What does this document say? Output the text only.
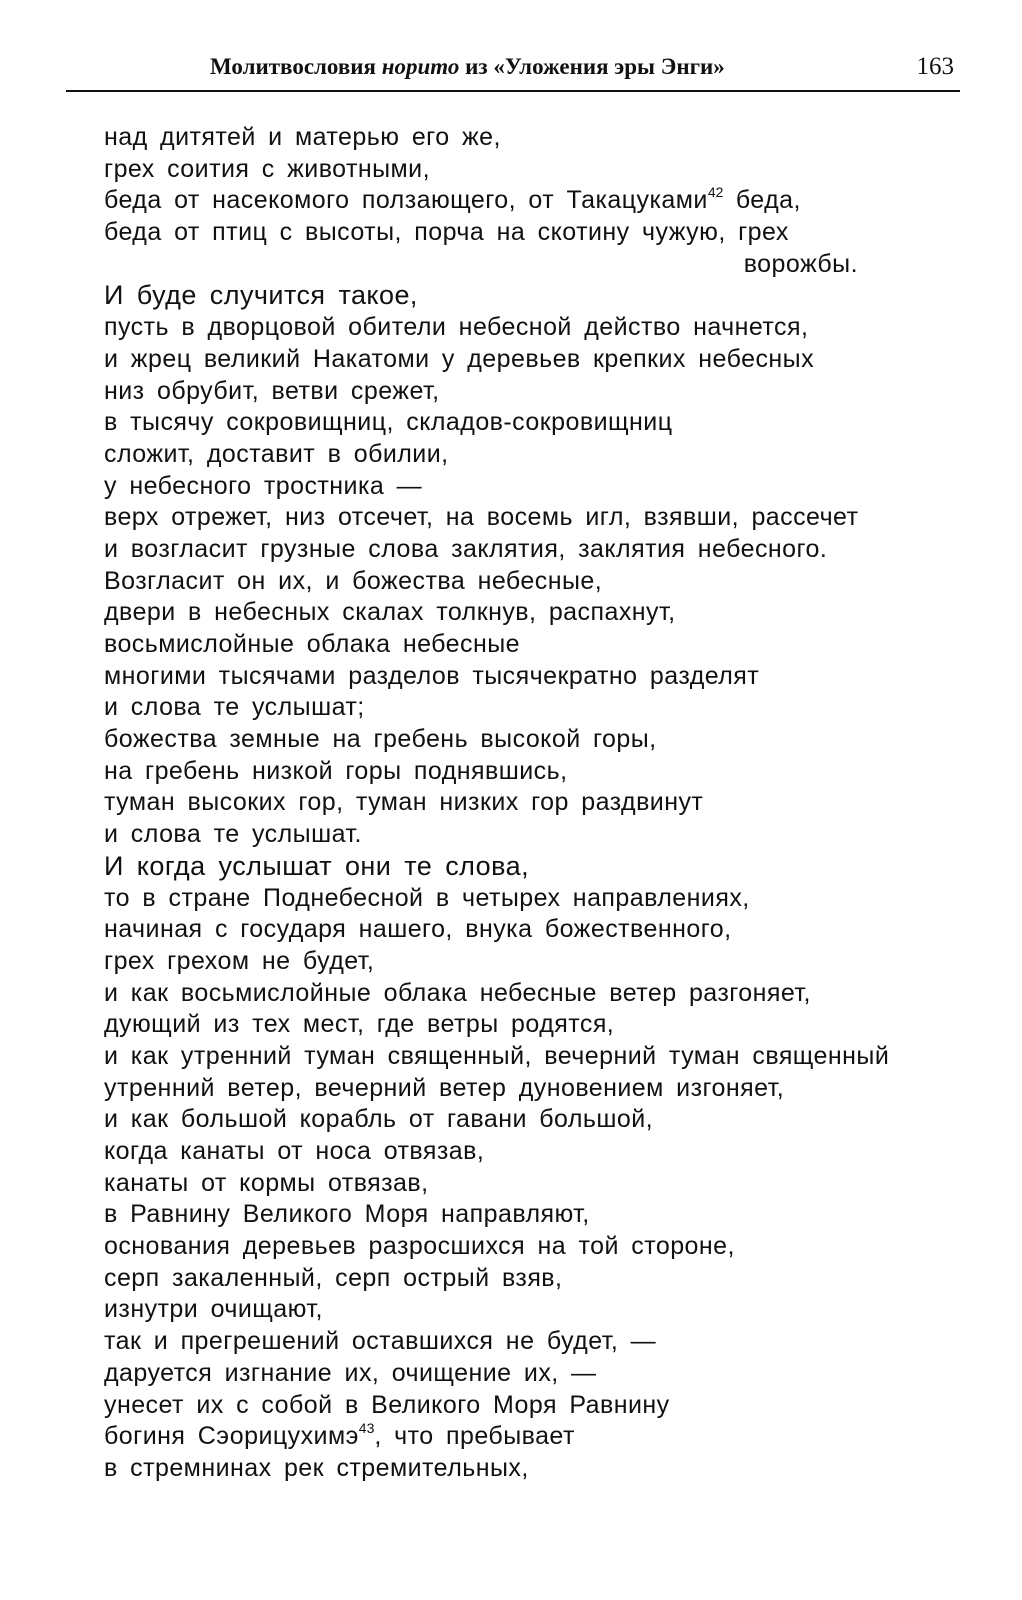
Молитвословия норито из «Уложения эры Энги»	163
над дитятей и матерью его же,
грех соития с животными,
беда от насекомого ползающего, от Такацуками$^{42}$ беда,
беда от птиц с высоты, порча на скотину чужую, грех
ворожбы.
И буде случится такое,
пусть в дворцовой обители небесной действо начнется,
и жрец великий Накатоми у деревьев крепких небесных
низ обрубит, ветви срежет,
в тысячу сокровищниц, складов-сокровищниц
сложит, доставит в обилии,
у небесного тростника —
верх отрежет, низ отсечет, на восемь игл, взявши, рассечет
и возгласит грузные слова заклятия, заклятия небесного.
Возгласит он их, и божества небесные,
двери в небесных скалах толкнув, распахнут,
восьмислойные облака небесные
многими тысячами разделов тысячекратно разделят
и слова те услышат;
божества земные на гребень высокой горы,
на гребень низкой горы поднявшись,
туман высоких гор, туман низких гор раздвинут
и слова те услышат.
И когда услышат они те слова,
то в стране Поднебесной в четырех направлениях,
начиная с государя нашего, внука божественного,
грех грехом не будет,
и как восьмислойные облака небесные ветер разгоняет,
дующий из тех мест, где ветры родятся,
и как утренний туман священный, вечерний туман священный
утренний ветер, вечерний ветер дуновением изгоняет,
и как большой корабль от гавани большой,
когда канаты от носа отвязав,
канаты от кормы отвязав,
в Равнину Великого Моря направляют,
основания деревьев разросшихся на той стороне,
серп закаленный, серп острый взяв,
изнутри очищают,
так и прегрешений оставшихся не будет, —
даруется изгнание их, очищение их, —
унесет их с собой в Великого Моря Равнину
богиня Сэорицухимэ$^{43}$, что пребывает
в стремнинах рек стремительных,
